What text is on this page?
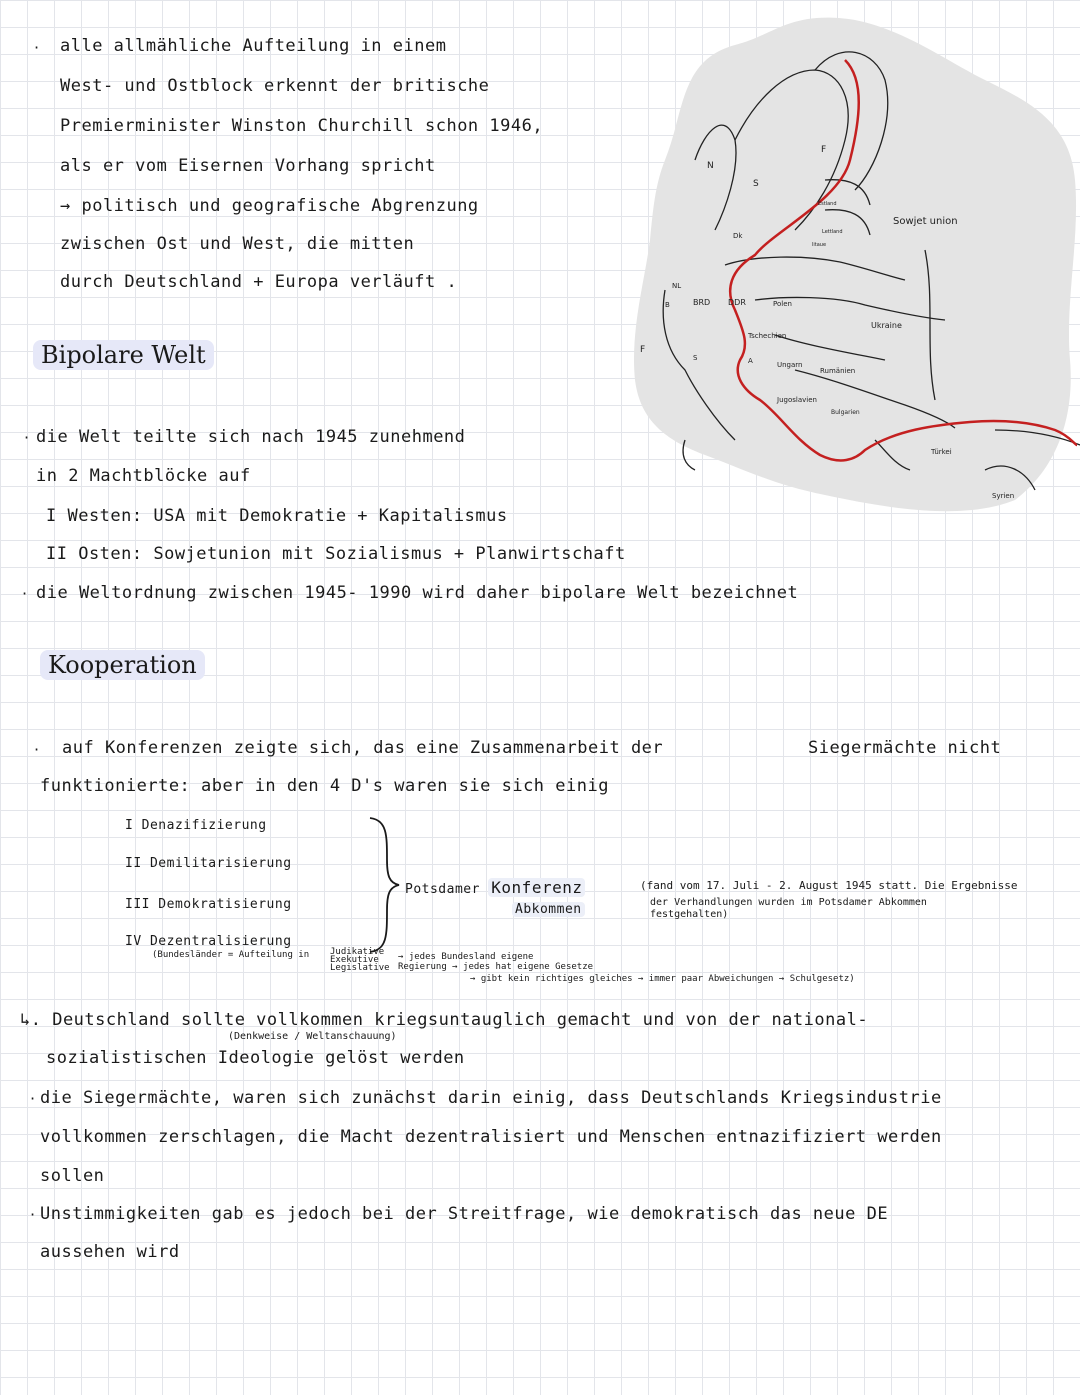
· alle allmähliche Aufteilung in einem
West- und Ostblock erkennt der britische
Premierminister Winston Churchill schon 1946,
als er vom Eisernen Vorhang spricht
→ politisch und geografische Abgrenzung
zwischen Ost und West, die mitten
durch Deutschland + Europa verläuft .
N
S
F
Dk
NL
B	BRD DDR	Polen
Estland
Lettland
litaue
Sowjet union
Ukraine
Tschechien
A
S
Ungarn
Rumänien
Jugoslavien
Bulgarien
Türkei
Syrien
F
Bipolare Welt
· die Welt teilte sich nach 1945 zunehmend
in 2 Machtblöcke auf
I Westen: USA mit Demokratie + Kapitalismus
II Osten: Sowjetunion mit Sozialismus + Planwirtschaft
· die Weltordnung zwischen 1945- 1990 wird daher bipolare Welt bezeichnet
Kooperation
· auf Konferenzen zeigte sich, das eine Zusammenarbeit der	Siegermächte nicht
funktionierte: aber in den 4 D's waren sie sich einig
I Denazifizierung
II Demilitarisierung
III Demokratisierung
IV Dezentralisierung
(Bundesländer = Aufteilung in Judikative
Exekutive
Legislative
→ jedes Bundesland eigene
Regierung → jedes hat eigene Gesetze
→ gibt kein richtiges gleiches → immer paar Abweichungen → Schulgesetz)
Potsdamer Konferenz
Abkommen
(fand vom 17. Juli - 2. August 1945 statt. Die Ergebnisse
der Verhandlungen wurden im Potsdamer Abkommen
festgehalten)
↳. Deutschland sollte vollkommen kriegsuntauglich gemacht und von der national-
(Denkweise / Weltanschauung)
sozialistischen Ideologie gelöst werden
· die Siegermächte, waren sich zunächst darin einig, dass Deutschlands Kriegsindustrie
vollkommen zerschlagen, die Macht dezentralisiert und Menschen entnazifiziert werden
sollen
· Unstimmigkeiten gab es jedoch bei der Streitfrage, wie demokratisch das neue DE
aussehen wird
